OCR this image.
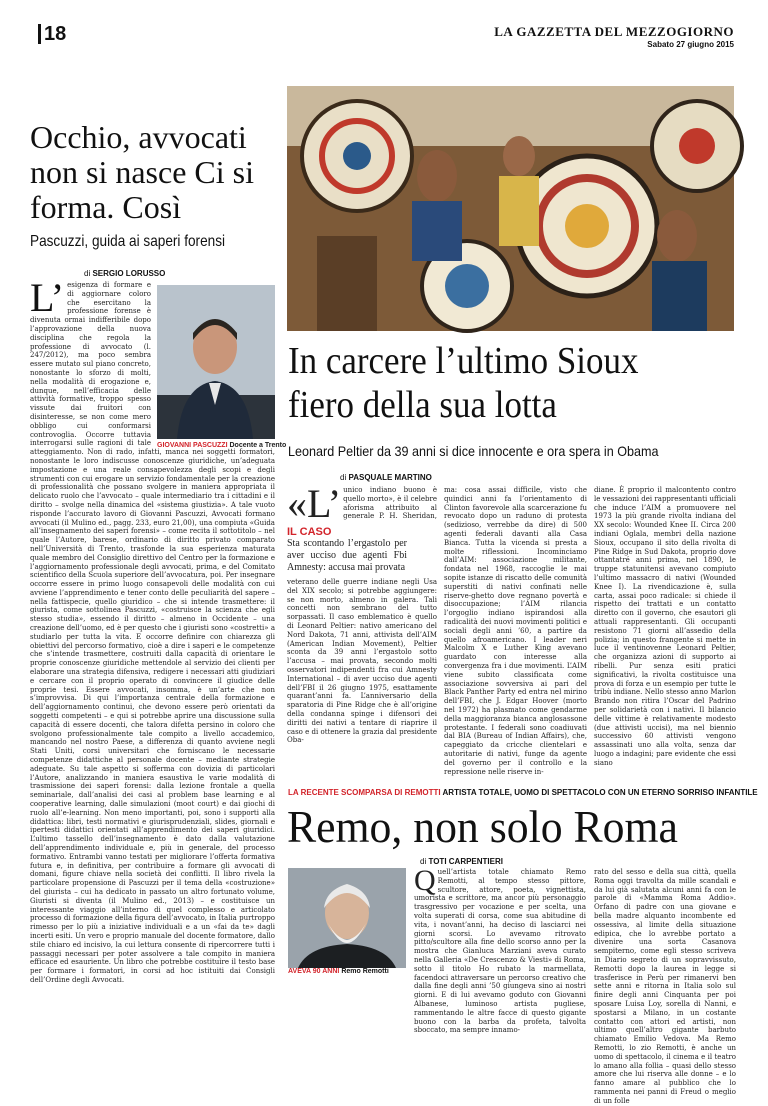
18	LA GAZZETTA DEL MEZZOGIORNO
Sabato 27 giugno 2015
Occhio, avvocati non si nasce Ci si forma. Così
Pascuzzi, guida ai saperi forensi
di SERGIO LORUSSO
L’
GIOVANNI PASCUZZI Docente a Trento
esigenza di formare e di aggiornare coloro che esercitano la professione forense è divenuta ormai indifferibile dopo l’approvazione della nuova disciplina che regola la professione di avvocato (l. 247/2012), ma poco sembra essere mutato sul piano concreto, nonostante lo sforzo di molti, nella modalità di erogazione e, dunque, nell’efficacia delle attività formative, troppo spesso vissute dai fruitori con disinteresse, se non come mero obbligo cui conformarsi controvoglia. Occorre tuttavia interrogarsi sulle ragioni di tale atteggiamento. Non di rado, infatti, manca nei soggetti formatori, nonostante le loro indiscusse conoscenze giuridiche, un’adeguata impostazione e una reale consapevolezza degli scopi e degli strumenti con cui erogare un servizio fondamentale per la creazione di professionalità che possano svolgere in maniera appropriata il delicato ruolo che l’avvocato – quale intermediario tra i cittadini e il diritto – svolge nella dinamica del «sistema giustizia». A tale vuoto risponde l’accurato lavoro di Giovanni Pascuzzi, Avvocati formano avvocati (il Mulino ed., pagg. 233, euro 21,00), una compiuta «Guida all’insegnamento dei saperi forensi» – come recita il sottotitolo – nel quale l’Autore, barese, ordinario di diritto privato comparato nell’Università di Trento, trasfonde la sua esperienza maturata quale membro del Consiglio direttivo del Centro per la formazione e l’aggiornamento professionale degli avvocati, prima, e del Comitato scientifico della Scuola superiore dell’avvocatura, poi. Per insegnare occorre essere in primo luogo consapevoli delle modalità con cui avviene l’apprendimento e tener conto delle peculiarità del sapere – nella fattispecie, quello giuridico – che si intende trasmettere: il giurista, come sottolinea Pascuzzi, «costruisce la scienza che egli stesso studia», essendo il diritto – almeno in Occidente – una creazione dell’uomo, ed è per questo che i giuristi sono «costretti» a studiarlo per tutta la vita. E occorre definire con chiarezza gli obiettivi del percorso formativo, cioè a dire i saperi e le competenze che s’intende trasmettere, costruiti dalla capacità di orientare le proprie conoscenze giuridiche mettendole al servizio dei clienti per elaborare una strategia difensiva, redigere i necessari atti giudiziari e cercare con il proprio operato di convincere il giudice delle proprie tesi. Essere avvocati, insomma, è un’arte che non s’improvvisa. Di qui l’importanza centrale della formazione e dell’aggiornamento continui, che devono essere però orientati da soggetti competenti – e qui si potrebbe aprire una discussione sulla capacità di essere docenti, che talora difetta persino in coloro che svolgono professionalmente tale compito a livello accademico, mancando nel nostro Paese, a differenza di quanto avviene negli Stati Uniti, corsi universitari che forniscano le necessarie competenze didattiche al personale docente – mediante strategie adeguate. Su tale aspetto si sofferma con dovizia di particolari l’Autore, analizzando in maniera esaustiva le varie modalità di trasmissione dei saperi forensi: dalla lezione frontale a quella seminariale, dall’analisi dei casi al problem base learning e al cooperative learning, dalle simulazioni (moot court) e dai giochi di ruolo all’e-learning. Non meno importanti, poi, sono i supporti alla didattica: libri, testi normativi e giurisprudenziali, slides, giornali e ipertesti didattici orientati all’apprendimento dei saperi giuridici. L’ultimo tassello dell’insegnamento è dato dalla valutazione dell’apprendimento individuale e, più in generale, del processo formativo. Entrambi vanno testati per migliorare l’offerta formativa futura e, in definitiva, per contribuire a formare gli avvocati di domani, figure chiave nella società dei conflitti. Il libro rivela la particolare propensione di Pascuzzi per il tema della «costruzione» del giurista – cui ha dedicato in passato un altro fortunato volume, Giuristi si diventa (il Mulino ed., 2013) – e costituisce un interessante viaggio all’interno di quel complesso e articolato processo di formazione della figura dell’avvocato, in Italia purtroppo rimesso per lo più a iniziative individuali e a un «fai da te» dagli incerti esiti. Un vero e proprio manuale del docente formatore, dallo stile chiaro ed incisivo, la cui lettura consente di ripercorrere tutti i passaggi necessari per poter assolvere a tale compito in maniera efficace ed esauriente. Un libro che potrebbe costituire il testo base per formare i formatori, in corsi ad hoc istituiti dai Consigli dell’Ordine degli Avvocati.
In carcere l’ultimo Sioux fiero della sua lotta
Leonard Peltier da 39 anni si dice innocente e ora spera in Obama
di PASQUALE MARTINO
«L’
IL CASO
Sta scontando l’ergastolo per aver ucciso due agenti Fbi Amnesty: accusa mai provata
unico indiano buono è quello morto», è il celebre aforisma attribuito al generale P. H. Sheridan, veterano delle guerre indiane negli Usa del XIX secolo; si potrebbe aggiungere: se non morto, almeno in galera. Tali concetti non sembrano del tutto sorpassati. Il caso emblematico è quello di Leonard Peltier: nativo americano del Nord Dakota, 71 anni, attivista dell’AIM (American Indian Movement), Peltier sconta da 39 anni l’ergastolo sotto l’accusa – mai provata, secondo molti osservatori indipendenti fra cui Amnesty International – di aver ucciso due agenti dell’FBI il 26 giugno 1975, esattamente quarant’anni fa. L’anniversario della sparatoria di Pine Ridge che è all’origine della condanna spinge i difensori dei diritti dei nativi a tentare di riaprire il caso e di ottenere la grazia dal presidente Oba-
ma: cosa assai difficile, visto che quindici anni fa l’orientamento di Clinton favorevole alla scarcerazione fu revocato dopo un raduno di protesta (sedizioso, verrebbe da dire) di 500 agenti federali davanti alla Casa Bianca. Tutta la vicenda si presta a molte riflessioni. Incominciamo dall’AIM: associazione militante, fondata nel 1968, raccoglie le mai sopite istanze di riscatto delle comunità superstiti di nativi confinati nelle riserve-ghetto dove regnano povertà e disoccupazione; l’AIM rilancia l’orgoglio indiano ispirandosi alla radicalità dei nuovi movimenti politici e sociali degli anni ’60, a partire da quello afroamericano. I leader neri Malcolm X e Luther King avevano guardato con interesse alla convergenza fra i due movimenti. L’AIM viene subito classificata come associazione sovversiva ai pari del Black Panther Party ed entra nel mirino dell’FBI, che J. Edgar Hoover (morto nel 1972) ha plasmato come gendarme della maggioranza bianca anglosassone protestante. I federali sono coadiuvati dal BIA (Bureau of Indian Affairs), che, capeggiato da cricche clientelari e autoritarie di nativi, funge da agente del governo per il controllo e la repressione nelle riserve in-
diane. È proprio il malcontento contro le vessazioni dei rappresentanti ufficiali che induce l’AIM a promuovere nel 1973 la più grande rivolta indiana del XX secolo: Wounded Knee II. Circa 200 indiani Oglala, membri della nazione Sioux, occupano il sito della rivolta di Pine Ridge in Sud Dakota, proprio dove ottantatré anni prima, nel 1890, le truppe statunitensi avevano compiuto l’ultimo massacro di nativi (Wounded Knee I). La rivendicazione è, sulla carta, assai poco radicale: si chiede il rispetto dei trattati e un contatto diretto con il governo, che esautori gli attuali rappresentanti. Gli occupanti resistono 71 giorni all’assedio della polizia; in questo frangente si mette in luce il ventinovenne Leonard Peltier, che organizza azioni di supporto ai ribelli. Pur senza esiti pratici significativi, la rivolta costituisce una prova di forza e un esempio per tutte le tribù indiane. Nello stesso anno Marlon Brando non ritira l’Oscar del Padrino per solidarietà con i nativi. Il bilancio delle vittime è relativamente modesto (due attivisti uccisi), ma nel biennio successivo 60 attivisti vengono assassinati uno alla volta, senza dar luogo a indagini; pare evidente che essi siano
LA RECENTE SCOMPARSA DI REMOTTI ARTISTA TOTALE, UOMO DI SPETTACOLO CON UN ETERNO SORRISO INFANTILE
Remo, non solo Roma
di TOTI CARPENTIERI
AVEVA 90 ANNI Remo Remotti
Q uell’artista totale chiamato Remo Remotti, al tempo stesso pittore, scultore, attore, poeta, vignettista, umorista e scrittore, ma ancor più personaggio trasgressivo per vocazione e per scelta, una volta superati di corsa, come sua abitudine di vita, i novant’anni, ha deciso di lasciarci nei giorni scorsi. Lo avevamo ritrovato pitto/scultore alla fine dello scorso anno per la mostra che Gianluca Marziani aveva curato nella Galleria «De Crescenzo & Viesti» di Roma, sotto il titolo Ho rubato la marmellata, facendoci attraversare un percorso creativo che dalla fine degli anni ’50 giungeva sino ai nostri giorni. E di lui avevamo goduto con Giovanni Albanese, luminoso artista pugliese, rammentando le altre facce di questo gigante buono con la barba da profeta, talvolta sboccato, ma sempre innamo-
rato del sesso e della sua città, quella Roma oggi travolta da mille scandali e da lui già salutata alcuni anni fa con le parole di «Mamma Roma Addio». Orfano di padre con una giovane e bella madre alquanto incombente ed ossessiva, al limite della situazione edipica, che lo avrebbe portato a divenire una sorta Casanova sempiterno, come egli stesso scriveva in Diario segreto di un sopravvissuto, Remotti dopo la laurea in legge si trasferisce in Perù per rimanervi ben sette anni e ritorna in Italia solo sul finire degli anni Cinquanta per poi sposare Luisa Loy, sorella di Nanni, e spostarsi a Milano, in un costante contatto con attori ed artisti, non ultimo quell’altro gigante barbuto chiamato Emilio Vedova. Ma Remo Remotti, lo zio Remotti, è anche un uomo di spettacolo, il cinema e il teatro lo amano alla follia – quasi dello stesso amore che lui riserva alle donne – e lo fanno amare al pubblico che lo rammenta nei panni di Freud o meglio di un folle
